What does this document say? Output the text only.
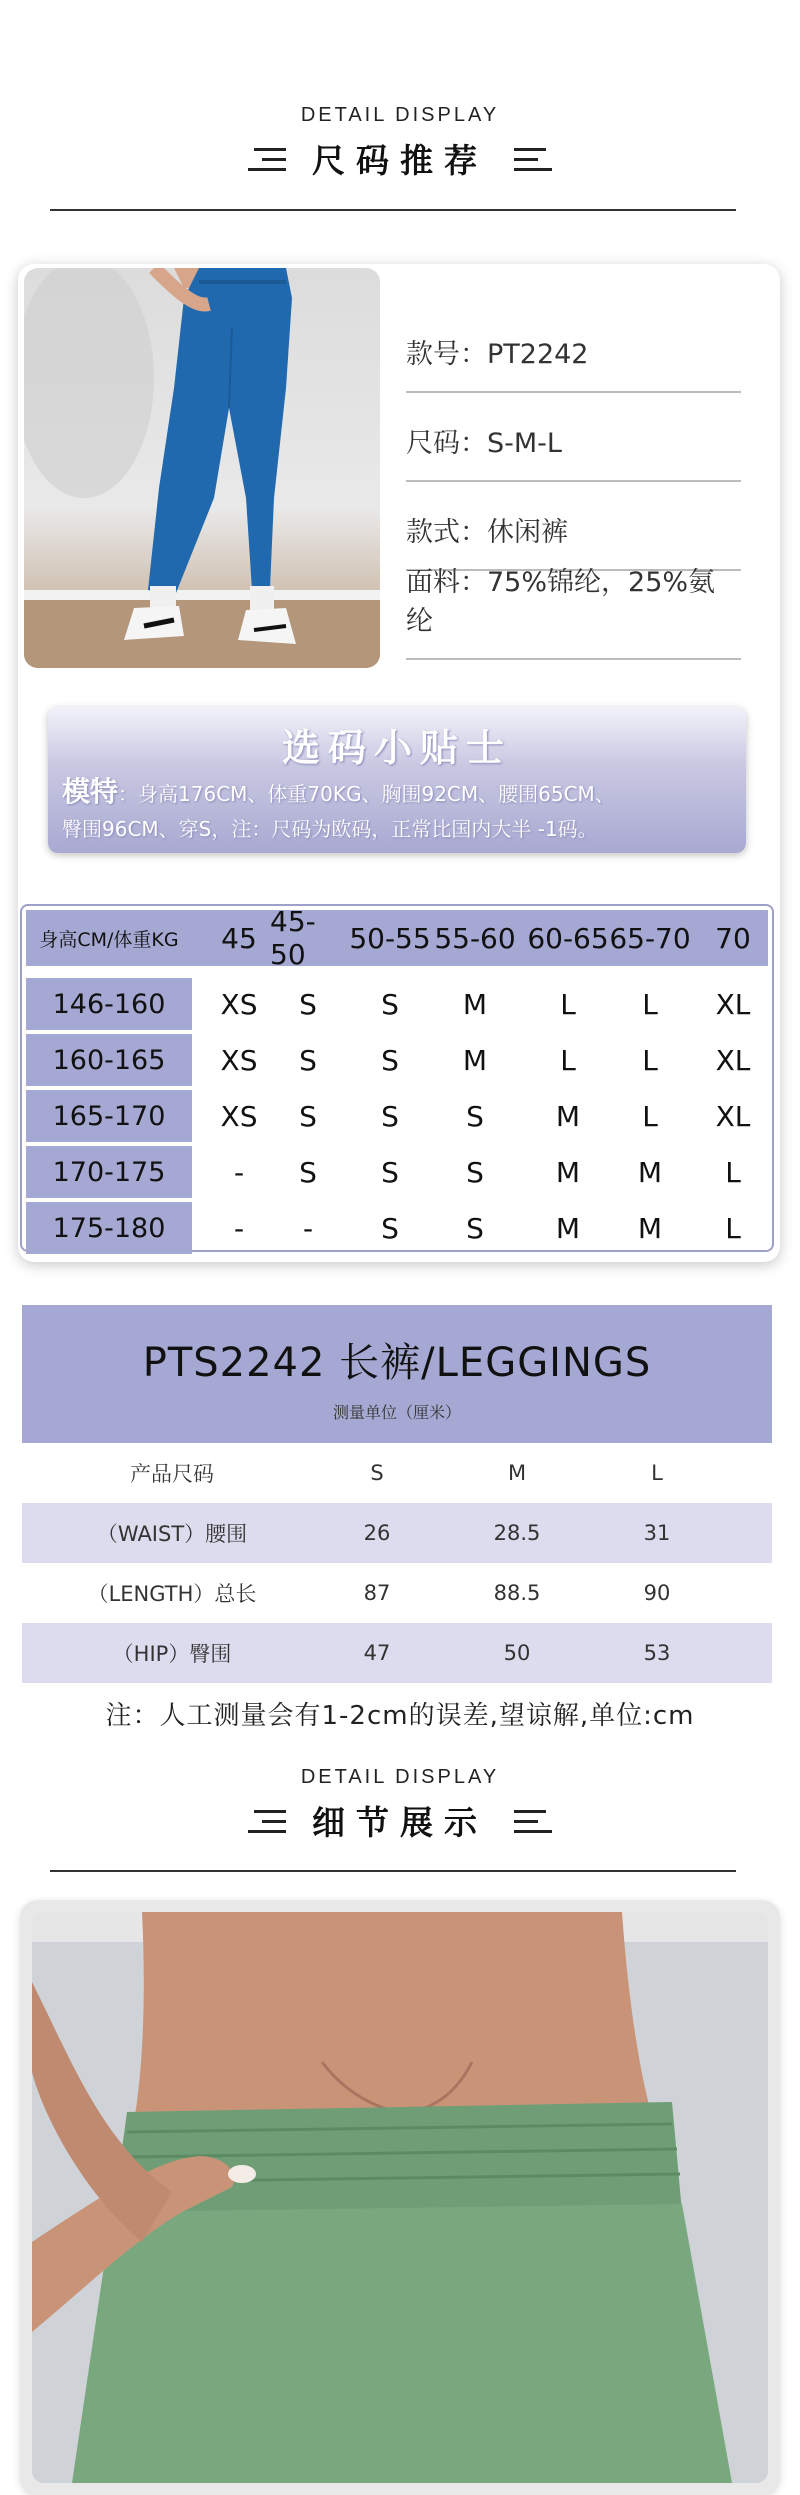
DETAIL DISPLAY
尺码推荐
款号：PT2242
尺码：S-M-L
款式：休闲裤
面料：75%锦纶，25%氨纶
选码小贴士
模特：身高176CM、体重70KG、胸围92CM、腰围65CM、
臀围96CM、穿S，注：尺码为欧码，正常比国内大半 -1码。
身高CM/体重KG	45 45-50	50-55 55-60 60-65 65-70 70
146-160	XS	S	S	M	L	L	XL
160-165	XS	S	S	M	L	L	XL
165-170	XS	S	S	S	M	L	XL
170-175	-	S	S	S	M	M	L
175-180	-	-	S	S	M	M	L
PTS2242 长裤/LEGGINGS
测量单位（厘米）
产品尺码	S	M	L
（WAIST）腰围	26	28.5	31
（LENGTH）总长	87	88.5	90
（HIP）臀围	47	50	53
注：人工测量会有1-2cm的误差,望谅解,单位:cm
DETAIL DISPLAY
细节展示
